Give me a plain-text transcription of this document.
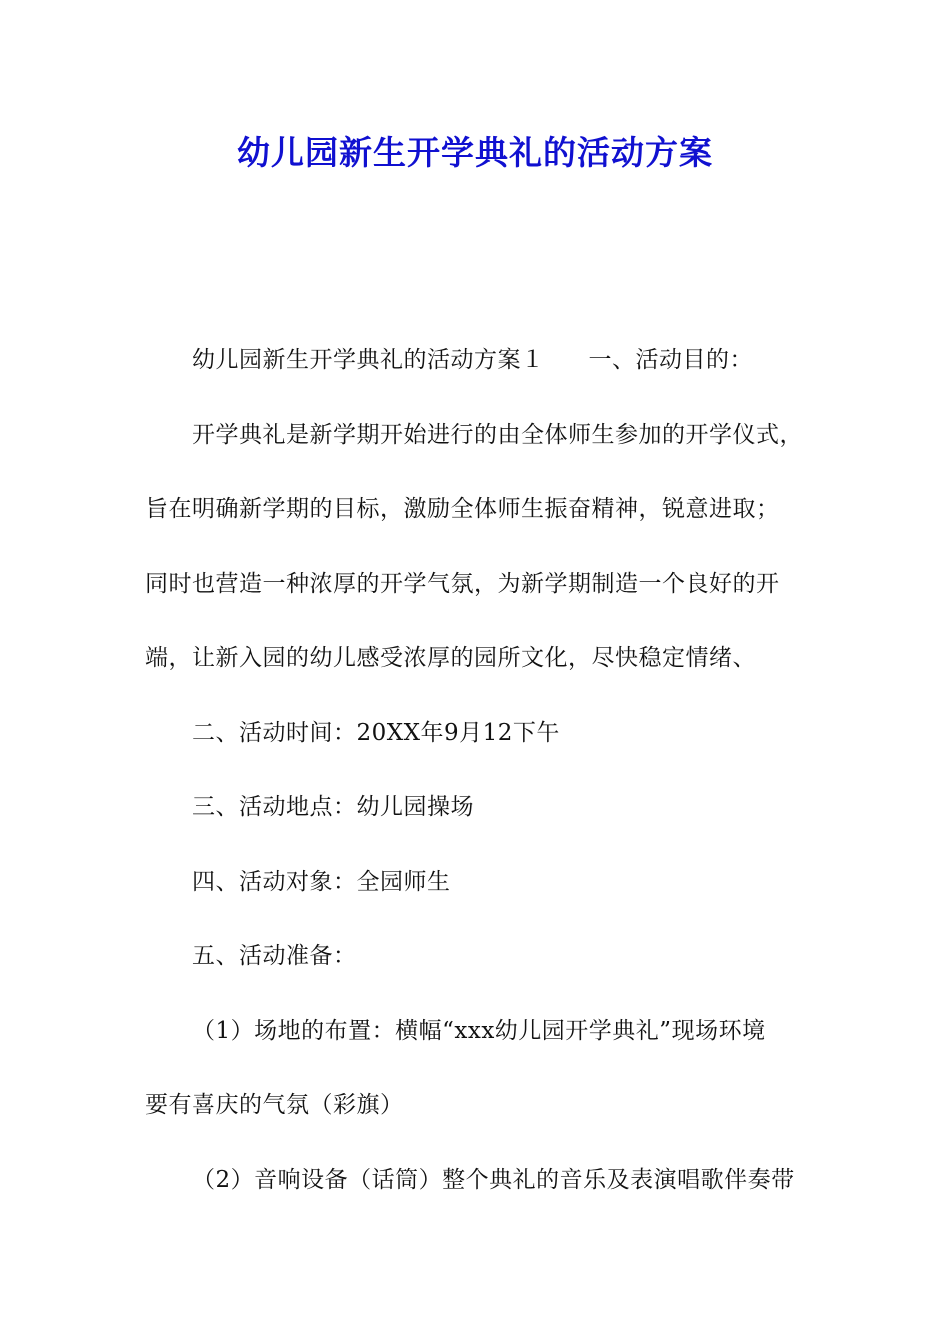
幼儿园新生开学典礼的活动方案
幼儿园新生开学典礼的活动方案１ 一、活动目的：
开学典礼是新学期开始进行的由全体师生参加的开学仪式，
旨在明确新学期的目标，激励全体师生振奋精神，锐意进取；
同时也营造一种浓厚的开学气氛，为新学期制造一个良好的开
端，让新入园的幼儿感受浓厚的园所文化，尽快稳定情绪、
二、活动时间：20XX年9月12下午
三、活动地点：幼儿园操场
四、活动对象：全园师生
五、活动准备：
（1）场地的布置：横幅“xxx幼儿园开学典礼”现场环境
要有喜庆的气氛（彩旗）
（2）音响设备（话筒）整个典礼的音乐及表演唱歌伴奏带
